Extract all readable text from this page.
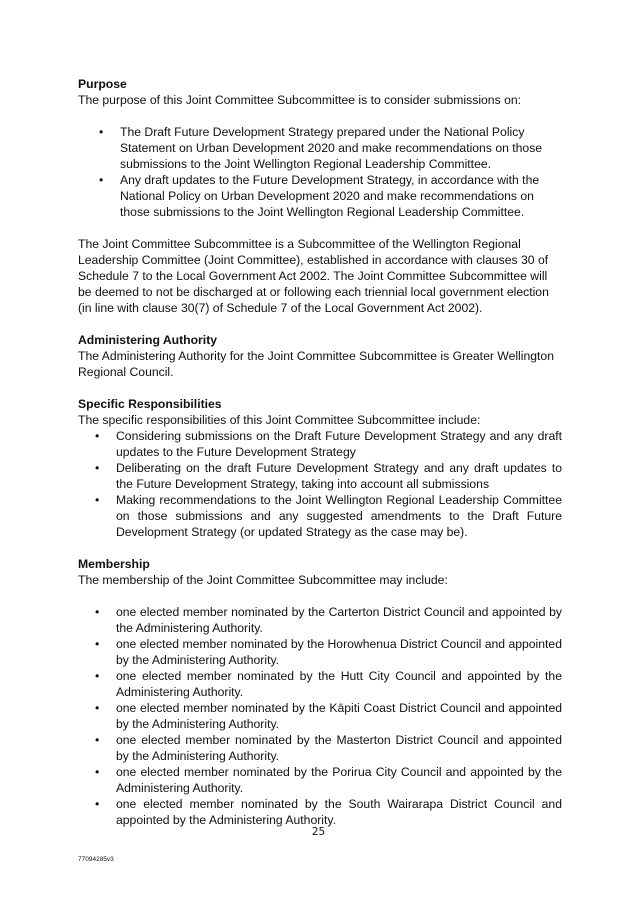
Purpose

The purpose of this Joint Committee Subcommittee is to consider submissions on:

• The Draft Future Development Strategy prepared under the National Policy Statement on Urban Development 2020 and make recommendations on those submissions to the Joint Wellington Regional Leadership Committee.
• Any draft updates to the Future Development Strategy, in accordance with the National Policy on Urban Development 2020 and make recommendations on those submissions to the Joint Wellington Regional Leadership Committee.

The Joint Committee Subcommittee is a Subcommittee of the Wellington Regional Leadership Committee (Joint Committee), established in accordance with clauses 30 of Schedule 7 to the Local Government Act 2002. The Joint Committee Subcommittee will be deemed to not be discharged at or following each triennial local government election (in line with clause 30(7) of Schedule 7 of the Local Government Act 2002).

Administering Authority

The Administering Authority for the Joint Committee Subcommittee is Greater Wellington Regional Council.

Specific Responsibilities

The specific responsibilities of this Joint Committee Subcommittee include:

• Considering submissions on the Draft Future Development Strategy and any draft updates to the Future Development Strategy
• Deliberating on the draft Future Development Strategy and any draft updates to the Future Development Strategy, taking into account all submissions
• Making recommendations to the Joint Wellington Regional Leadership Committee on those submissions and any suggested amendments to the Draft Future Development Strategy (or updated Strategy as the case may be).

Membership

The membership of the Joint Committee Subcommittee may include:

• one elected member nominated by the Carterton District Council and appointed by the Administering Authority.
• one elected member nominated by the Horowhenua District Council and appointed by the Administering Authority.
• one elected member nominated by the Hutt City Council and appointed by the Administering Authority.
• one elected member nominated by the Kāpiti Coast District Council and appointed by the Administering Authority.
• one elected member nominated by the Masterton District Council and appointed by the Administering Authority.
• one elected member nominated by the Porirua City Council and appointed by the Administering Authority.
• one elected member nominated by the South Wairarapa District Council and appointed by the Administering Authority.
25
77094285v3
